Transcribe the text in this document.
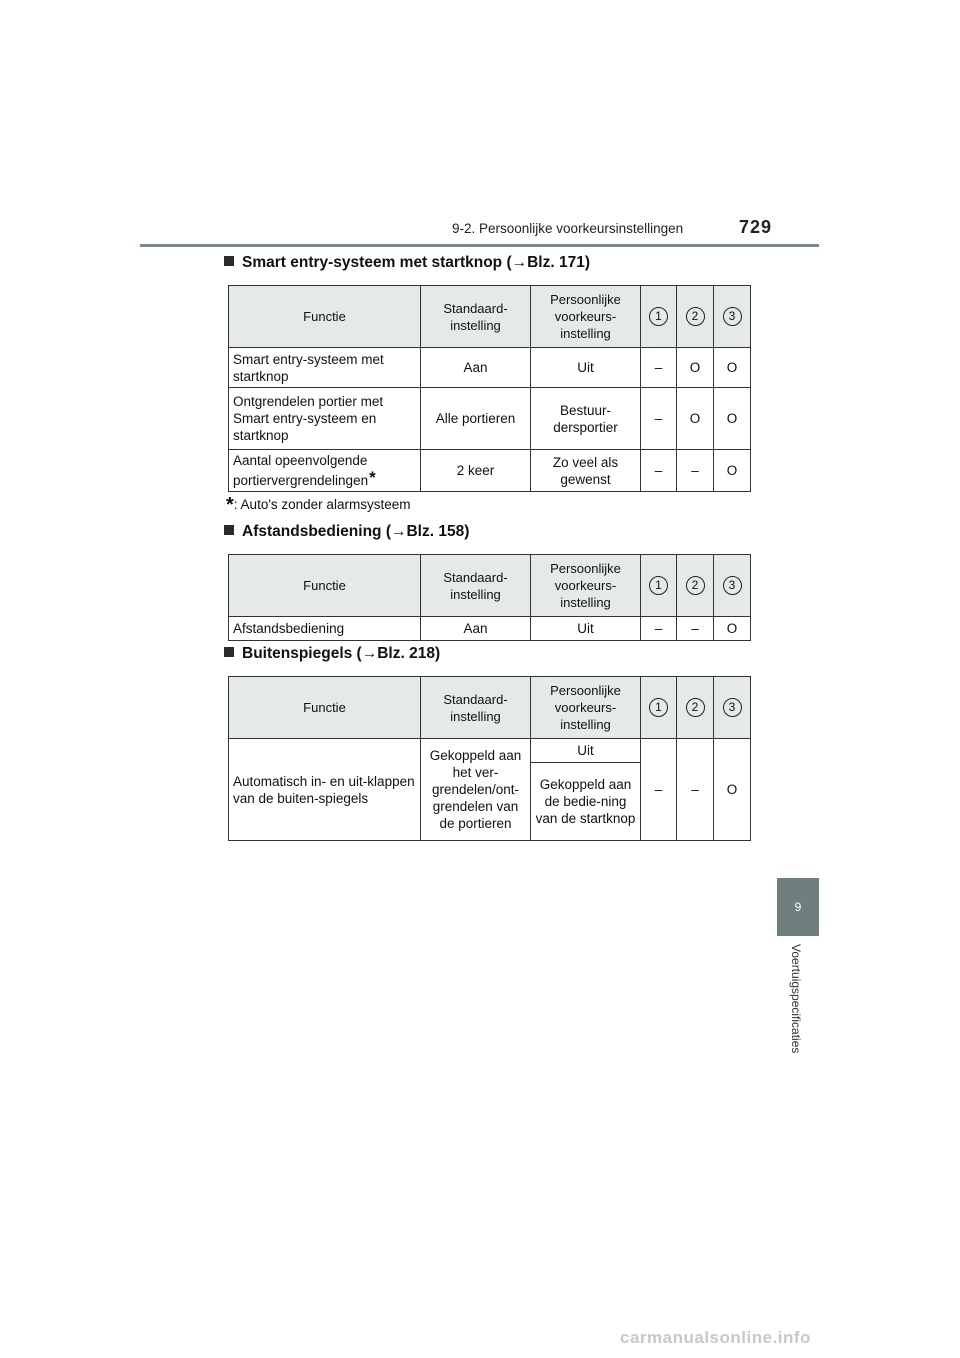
9-2. Persoonlijke voorkeursinstellingen	729
9
Voertuigspecificaties
Smart entry-systeem met startknop (→Blz. 171)
Functie	Standaard-instelling	Persoonlijke voorkeurs-instelling	1	2	3
Smart entry-systeem met startknop	Aan	Uit	–	O	O
Ontgrendelen portier met Smart entry-systeem en startknop	Alle portieren	Bestuur-dersportier	–	O	O
Aantal opeenvolgende portiervergrendelingen*	2 keer	Zo veel als gewenst	–	–	O
*: Auto's zonder alarmsysteem
Afstandsbediening (→Blz. 158)
Functie	Standaard-instelling	Persoonlijke voorkeurs-instelling	1	2	3
Afstandsbediening	Aan	Uit	–	–	O
Buitenspiegels (→Blz. 218)
Functie	Standaard-instelling	Persoonlijke voorkeurs-instelling	1	2	3
Automatisch in- en uit-klappen van de buiten-spiegels	Gekoppeld aan het ver-grendelen/ont-grendelen van de portieren	Uit	–	–	O
		Gekoppeld aan de bedie-ning van de startknop			
carmanualsonline.info
